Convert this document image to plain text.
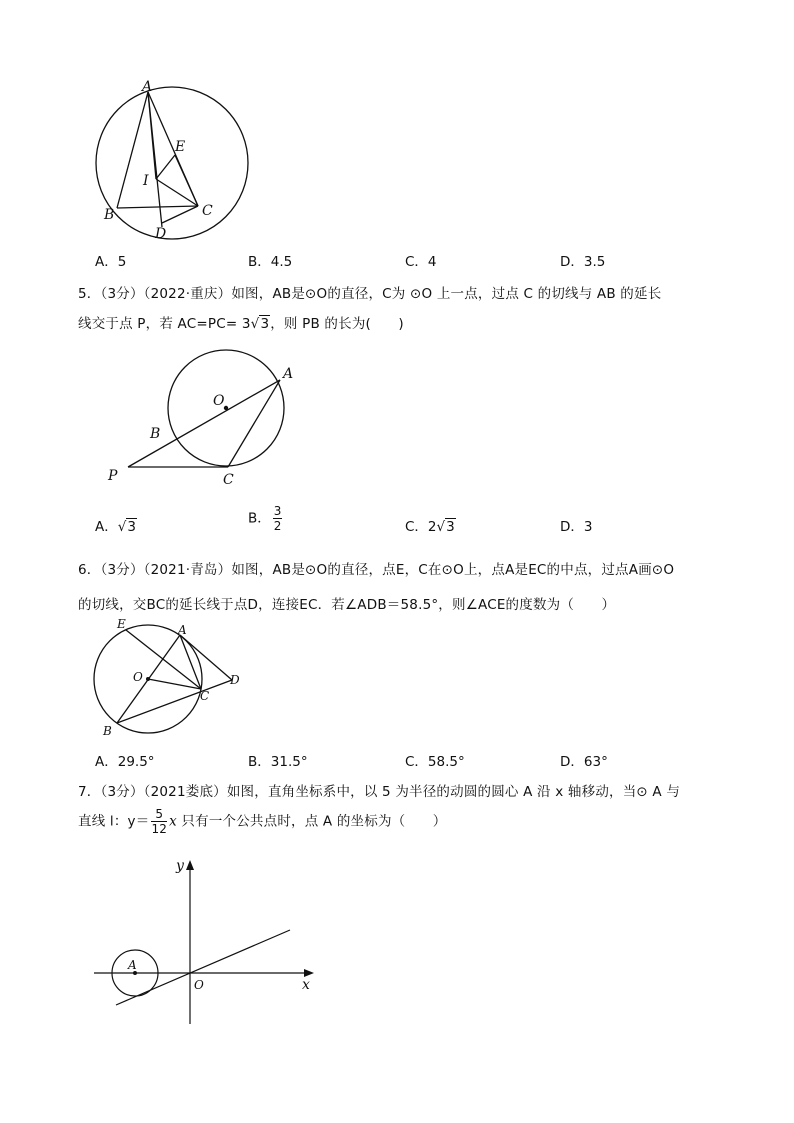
A
E
I
B	C
D
A．5	B．4.5	C．4	D．3.5
5．（3分）（2022·重庆）如图，AB是⊙O的直径，C为 ⊙O 上一点，过点 C 的切线与 AB 的延长
线交于点 P，若 AC=PC= 3√3，则 PB 的长为(　　)
O
A
B
P	C
A．√3
B． $\frac{3}{2}$	C．2√3	D．3
6．（3分）（2021·青岛）如图，AB是⊙O的直径，点E，C在⊙O上，点A是EC的中点，过点A画⊙O
的切线，交BC的延长线于点D，连接EC．若∠ADB＝58.5°，则∠ACE的度数为（　　）
E	A
O
C
D
B
A．29.5°	B．31.5°	C．58.5°	D．63°
7．（3分）（2021娄底）如图，直角坐标系中，以 5 为半径的动圆的圆心 A 沿 x 轴移动，当⊙ A 与
直线 l：$y= \frac{5}{12}$ x 只有一个公共点时，点 A 的坐标为（　　）
y
A
O	x
